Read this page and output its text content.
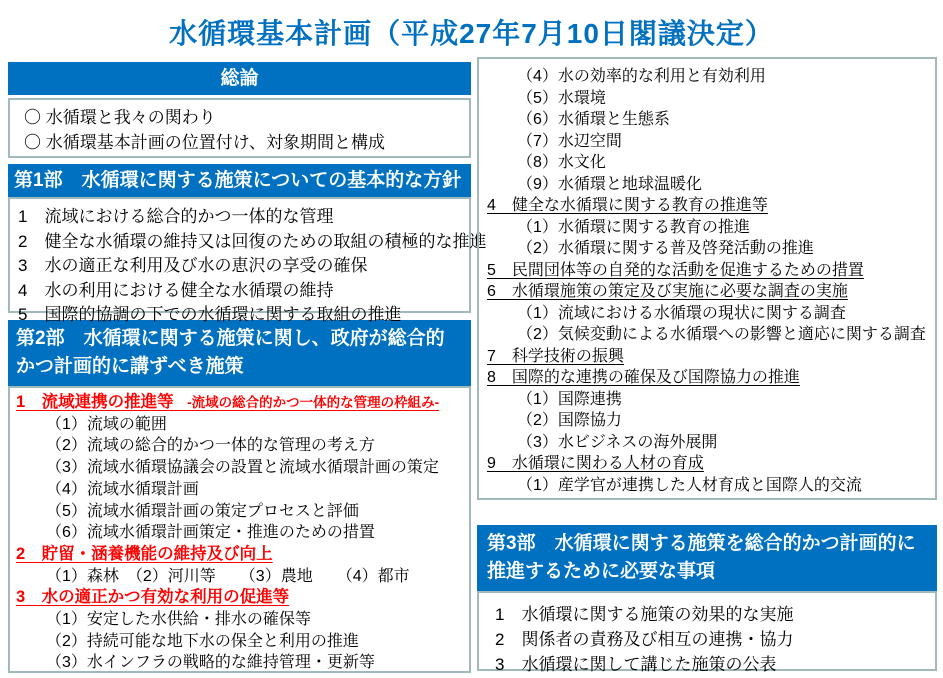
水循環基本計画（平成27年7月10日閣議決定）
総論
〇 水循環と我々の関わり
〇 水循環基本計画の位置付け、対象期間と構成
第1部　水循環に関する施策についての基本的な方針
1　流域における総合的かつ一体的な管理
2　健全な水循環の維持又は回復のための取組の積極的な推進
3　水の適正な利用及び水の恵沢の享受の確保
4　水の利用における健全な水循環の維持
5　国際的協調の下での水循環に関する取組の推進
第2部　水循環に関する施策に関し、政府が総合的かつ計画的に講ずべき施策
1　流域連携の推進等　-流域の総合的かつ一体的な管理の枠組み-
（1）流域の範囲
（2）流域の総合的かつ一体的な管理の考え方
（3）流域水循環協議会の設置と流域水循環計画の策定
（4）流域水循環計画
（5）流域水循環計画の策定プロセスと評価
（6）流域水循環計画策定・推進のための措置
2　貯留・涵養機能の維持及び向上
（1）森林　（2）河川等　　（3）農地　　（4）都市
3　水の適正かつ有効な利用の促進等
（1）安定した水供給・排水の確保等
（2）持続可能な地下水の保全と利用の推進
（3）水インフラの戦略的な維持管理・更新等
（4）水の効率的な利用と有効利用
（5）水環境
（6）水循環と生態系
（7）水辺空間
（8）水文化
（9）水循環と地球温暖化
4　健全な水循環に関する教育の推進等
（1）水循環に関する教育の推進
（2）水循環に関する普及啓発活動の推進
5　民間団体等の自発的な活動を促進するための措置
6　水循環施策の策定及び実施に必要な調査の実施
（1）流域における水循環の現状に関する調査
（2）気候変動による水循環への影響と適応に関する調査
7　科学技術の振興
8　国際的な連携の確保及び国際協力の推進
（1）国際連携
（2）国際協力
（3）水ビジネスの海外展開
9　水循環に関わる人材の育成
（1）産学官が連携した人材育成と国際人的交流
第3部　水循環に関する施策を総合的かつ計画的に推進するために必要な事項
1　水循環に関する施策の効果的な実施
2　関係者の責務及び相互の連携・協力
3　水循環に関して講じた施策の公表
